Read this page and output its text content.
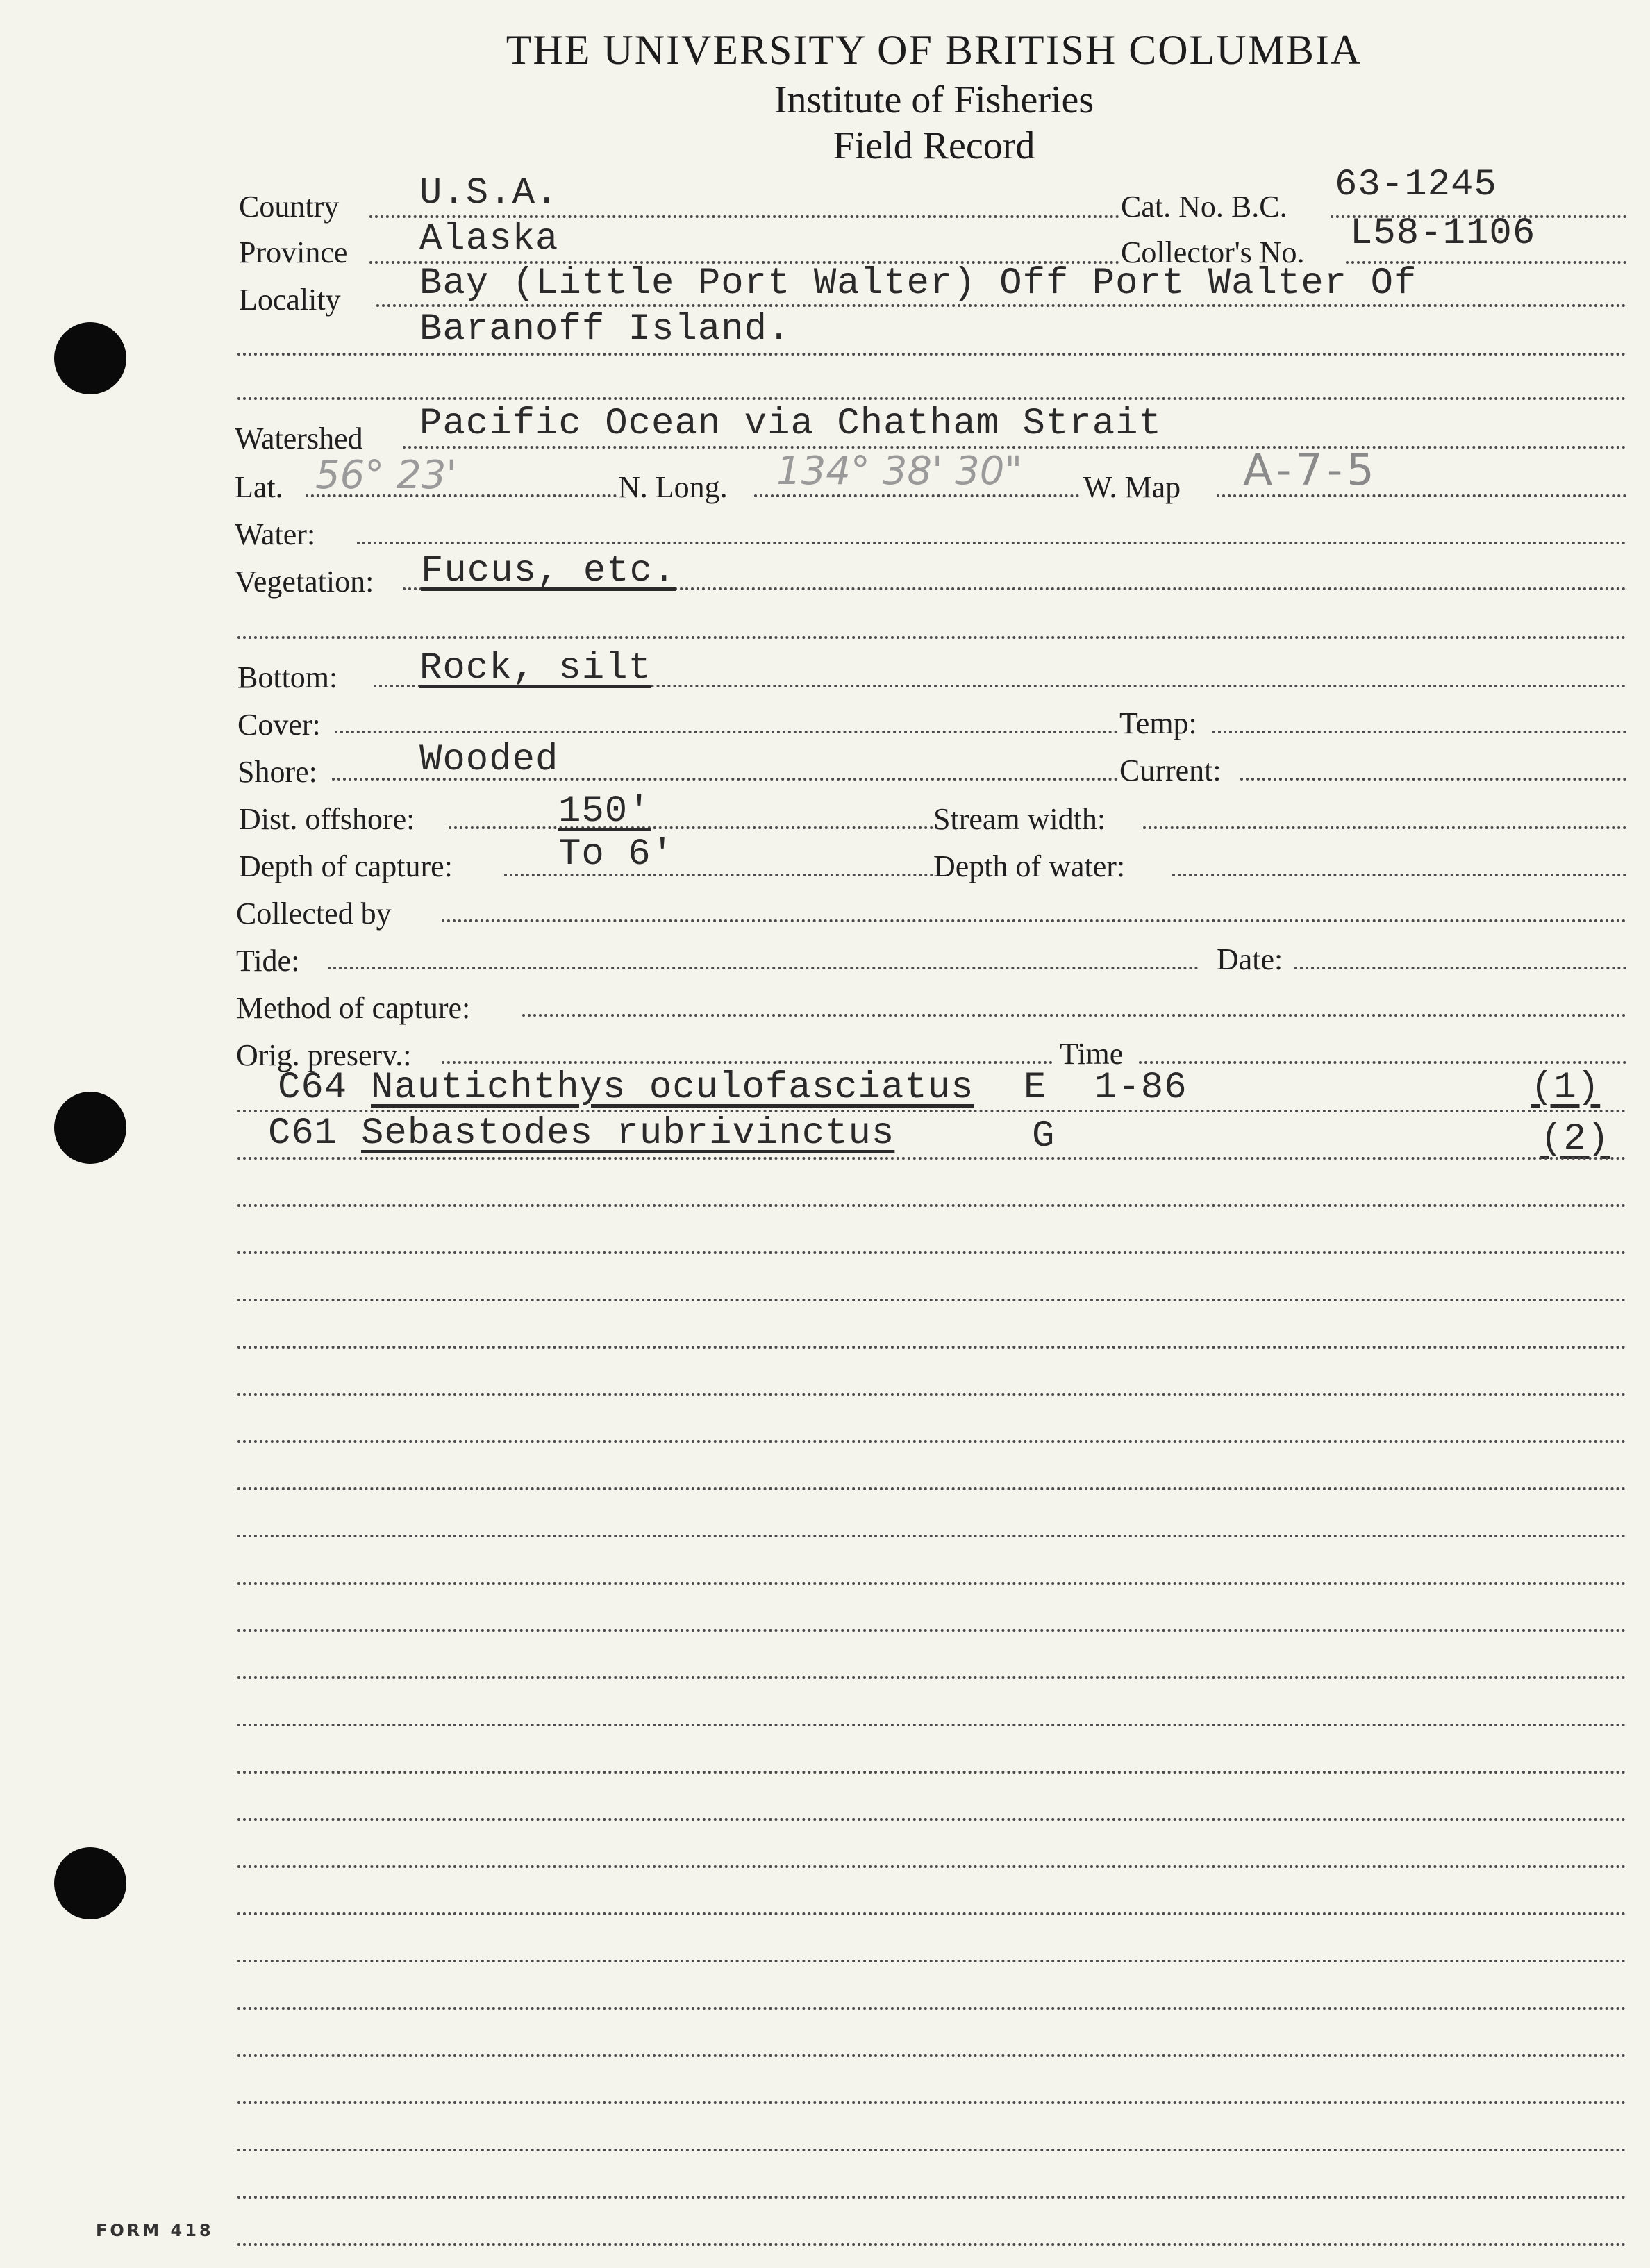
THE UNIVERSITY OF BRITISH COLUMBIA
Institute of Fisheries
Field Record
Country U.S.A.	Cat. No. B.C.
63-1245
Province Alaska	Collector's No. L58-1106
Locality Bay (Little Port Walter) Off Port Walter Of
Baranoff Island.
Watershed Pacific Ocean via Chatham Strait
Lat. 56° 23'	N. Long. 134° 38' 30" W. Map A-7-5
Water:
Vegetation: Fucus, etc.
Bottom: Rock, silt
Cover:	Temp:
Shore:	Wooded	Current:
Dist. offshore:	150'	Stream width:
Depth of capture:	To 6'	Depth of water:
Collected by
Tide:	Date:
Method of capture:
Orig. preserv.:	Time
C64 Nautichthys oculofasciatus E 1-86	(1)
C61 Sebastodes rubrivinctus	G	(2)
FORM 418
